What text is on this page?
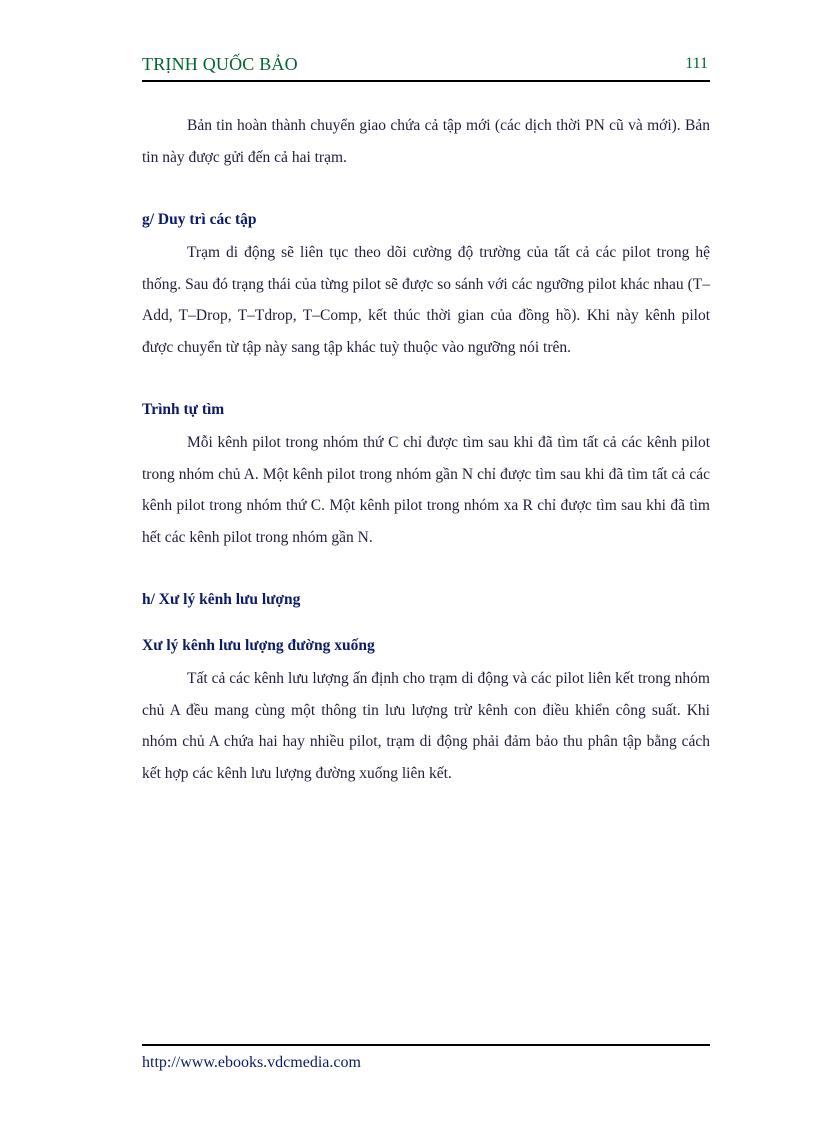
TRỊNH QUỐC BẢO	111

Bản tin hoàn thành chuyển giao chứa cả tập mới (các dịch thời PN cũ và mới). Bản tin này được gửi đến cả hai trạm.

g/ Duy trì các tập

Trạm di động sẽ liên tục theo dõi cường độ trường của tất cả các pilot trong hệ thống. Sau đó trạng thái của từng pilot sẽ được so sánh với các ngưỡng pilot khác nhau (T–Add, T–Drop, T–Tdrop, T–Comp, kết thúc thời gian của đồng hồ). Khi này kênh pilot được chuyển từ tập này sang tập khác tuỳ thuộc vào ngưỡng nói trên.

Trình tự tìm

Mỗi kênh pilot trong nhóm thứ C chỉ được tìm sau khi đã tìm tất cả các kênh pilot trong nhóm chủ A. Một kênh pilot trong nhóm gần N chỉ được tìm sau khi đã tìm tất cả các kênh pilot trong nhóm thứ C. Một kênh pilot trong nhóm xa R chỉ được tìm sau khi đã tìm hết các kênh pilot trong nhóm gần N.

h/ Xư lý kênh lưu lượng
Xư lý kênh lưu lượng đường xuống

Tất cả các kênh lưu lượng ấn định cho trạm di động và các pilot liên kết trong nhóm chủ A đều mang cùng một thông tin lưu lượng trừ kênh con điều khiển công suất. Khi nhóm chủ A chứa hai hay nhiều pilot, trạm di động phải đảm bảo thu phân tập bằng cách kết hợp các kênh lưu lượng đường xuống liên kết.

http://www.ebooks.vdcmedia.com
